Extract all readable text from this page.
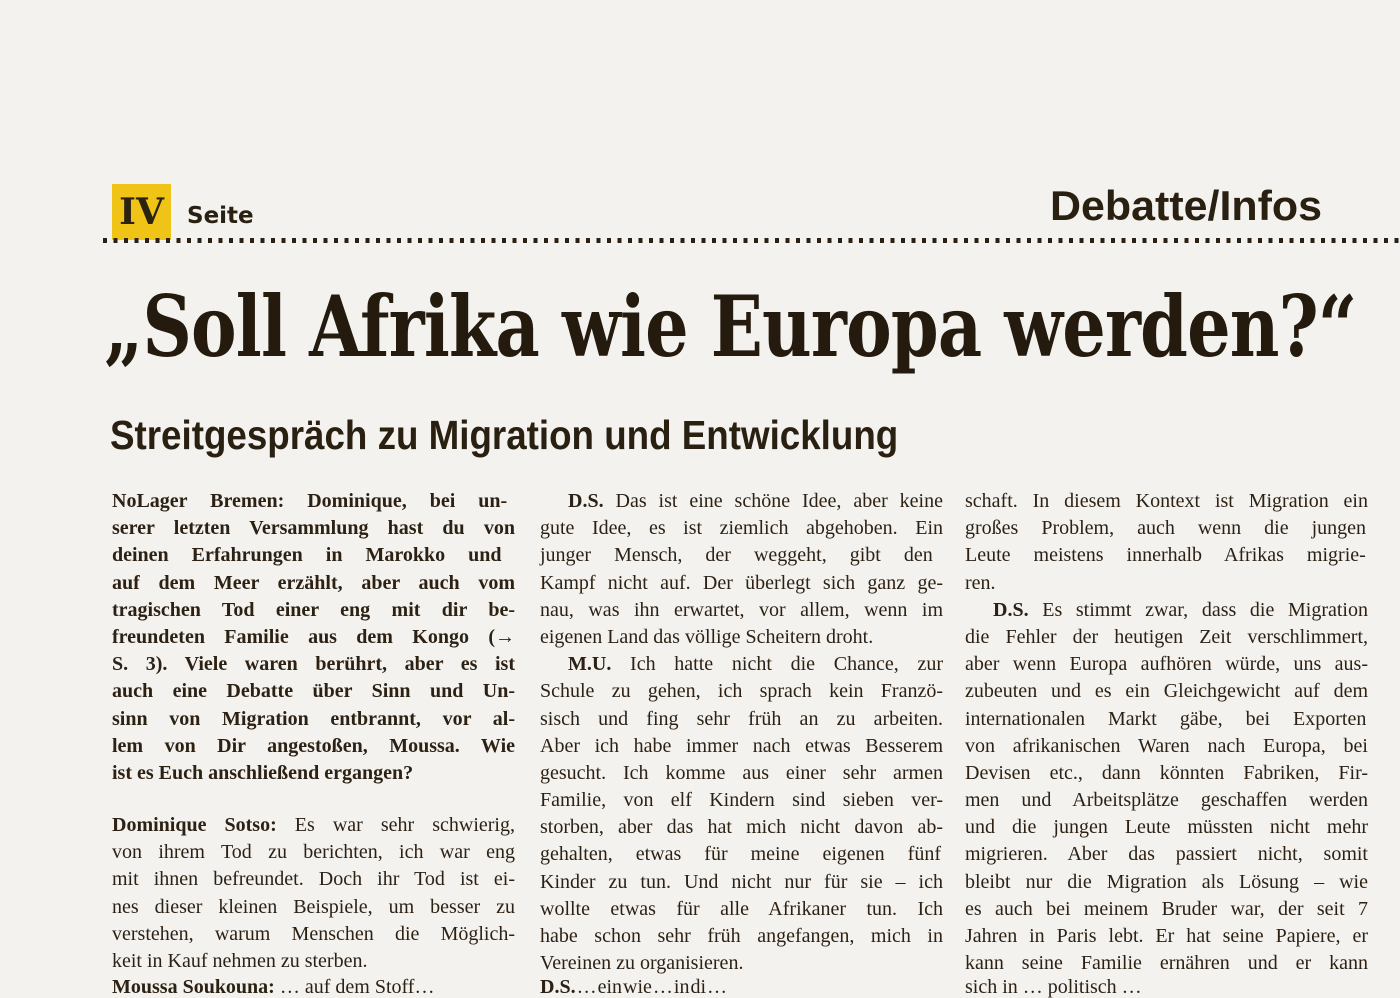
IV Seite	Debatte/Infos
„Soll Afrika wie Europa werden?“
Streitgespräch zu Migration und Entwicklung
NoLager Bremen: Dominique, bei un-
serer letzten Versammlung hast du von
deinen Erfahrungen in Marokko und
auf dem Meer erzählt, aber auch vom
tragischen Tod einer eng mit dir be-
freundeten Familie aus dem Kongo (→
S. 3). Viele waren berührt, aber es ist
auch eine Debatte über Sinn und Un-
sinn von Migration entbrannt, vor al-
lem von Dir angestoßen, Moussa. Wie
ist es Euch anschließend ergangen?
Dominique Sotso: Es war sehr schwierig,
von ihrem Tod zu berichten, ich war eng
mit ihnen befreundet. Doch ihr Tod ist ei-
nes dieser kleinen Beispiele, um besser zu
verstehen, warum Menschen die Möglich-
keit in Kauf nehmen zu sterben.
Moussa Soukouna: … auf dem Stoff…
D.S. Das ist eine schöne Idee, aber keine
gute Idee, es ist ziemlich abgehoben. Ein
junger Mensch, der weggeht, gibt den
Kampf nicht auf. Der überlegt sich ganz ge-
nau, was ihn erwartet, vor allem, wenn im
eigenen Land das völlige Scheitern droht.
M.U. Ich hatte nicht die Chance, zur
Schule zu gehen, ich sprach kein Franzö-
sisch und fing sehr früh an zu arbeiten.
Aber ich habe immer nach etwas Besserem
gesucht. Ich komme aus einer sehr armen
Familie, von elf Kindern sind sieben ver-
storben, aber das hat mich nicht davon ab-
gehalten, etwas für meine eigenen fünf
Kinder zu tun. Und nicht nur für sie – ich
wollte etwas für alle Afrikaner tun. Ich
habe schon sehr früh angefangen, mich in
Vereinen zu organisieren.
D.S. … ein wie … in di …
schaft. In diesem Kontext ist Migration ein
großes Problem, auch wenn die jungen
Leute meistens innerhalb Afrikas migrie-
ren.
D.S. Es stimmt zwar, dass die Migration
die Fehler der heutigen Zeit verschlimmert,
aber wenn Europa aufhören würde, uns aus-
zubeuten und es ein Gleichgewicht auf dem
internationalen Markt gäbe, bei Exporten
von afrikanischen Waren nach Europa, bei
Devisen etc., dann könnten Fabriken, Fir-
men und Arbeitsplätze geschaffen werden
und die jungen Leute müssten nicht mehr
migrieren. Aber das passiert nicht, somit
bleibt nur die Migration als Lösung – wie
es auch bei meinem Bruder war, der seit 7
Jahren in Paris lebt. Er hat seine Papiere, er
kann seine Familie ernähren und er kann
sich in … politisch …
